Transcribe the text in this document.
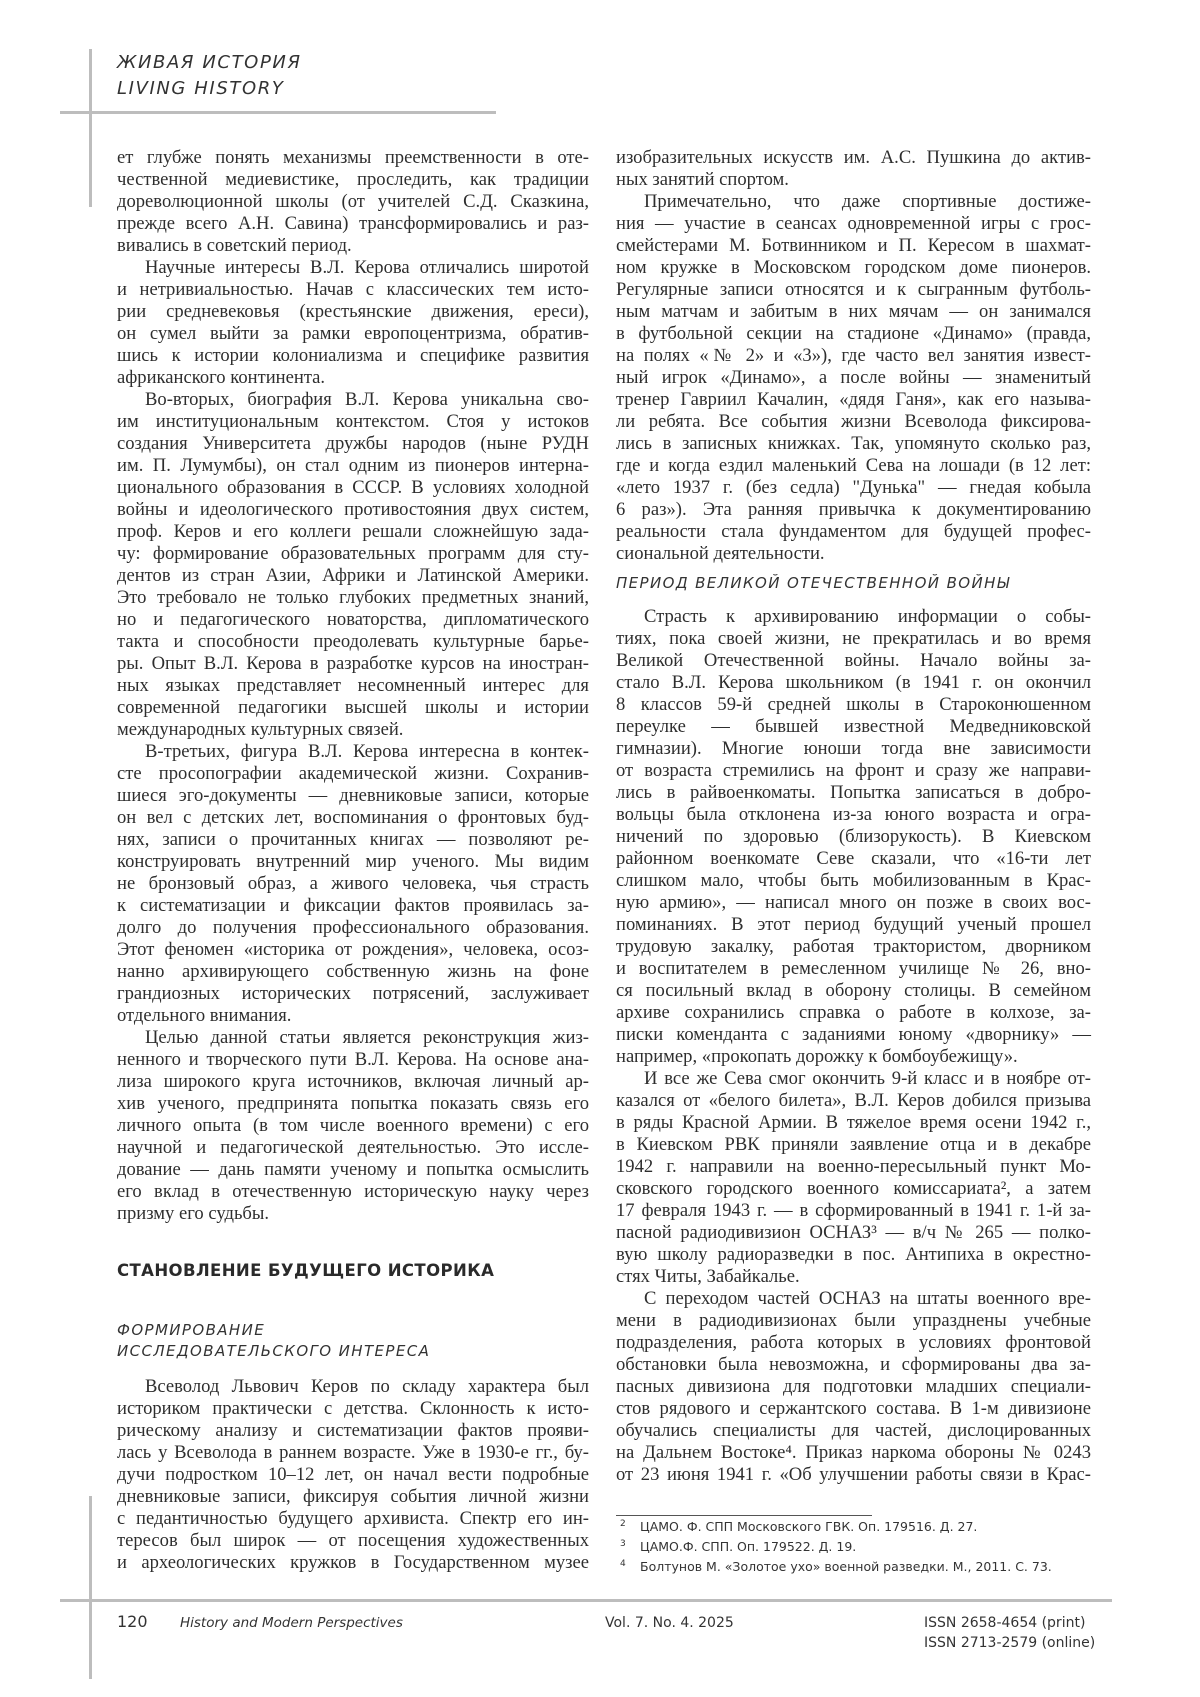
ЖИВАЯ ИСТОРИЯ
LIVING HISTORY
ет глубже понять механизмы преемственности в оте-
чественной медиевистике, проследить, как традиции
дореволюционной школы (от учителей С.Д. Сказкина,
прежде всего А.Н. Савина) трансформировались и раз-
вивались в советский период.
Научные интересы В.Л. Керова отличались широтой
и нетривиальностью. Начав с классических тем исто-
рии средневековья (крестьянские движения, ереси),
он сумел выйти за рамки европоцентризма, обратив-
шись к истории колониализма и специфике развития
африканского континента.
Во-вторых, биография В.Л. Керова уникальна сво-
им институциональным контекстом. Стоя у истоков
создания Университета дружбы народов (ныне РУДН
им. П. Лумумбы), он стал одним из пионеров интерна-
ционального образования в СССР. В условиях холодной
войны и идеологического противостояния двух систем,
проф. Керов и его коллеги решали сложнейшую зада-
чу: формирование образовательных программ для сту-
дентов из стран Азии, Африки и Латинской Америки.
Это требовало не только глубоких предметных знаний,
но и педагогического новаторства, дипломатического
такта и способности преодолевать культурные барье-
ры. Опыт В.Л. Керова в разработке курсов на иностран-
ных языках представляет несомненный интерес для
современной педагогики высшей школы и истории
международных культурных связей.
В-третьих, фигура В.Л. Керова интересна в контек-
сте просопографии академической жизни. Сохранив-
шиеся эго-документы — дневниковые записи, которые
он вел с детских лет, воспоминания о фронтовых буд-
нях, записи о прочитанных книгах — позволяют ре-
конструировать внутренний мир ученого. Мы видим
не бронзовый образ, а живого человека, чья страсть
к систематизации и фиксации фактов проявилась за-
долго до получения профессионального образования.
Этот феномен «историка от рождения», человека, осоз-
нанно архивирующего собственную жизнь на фоне
грандиозных исторических потрясений, заслуживает
отдельного внимания.
Целью данной статьи является реконструкция жиз-
ненного и творческого пути В.Л. Керова. На основе ана-
лиза широкого круга источников, включая личный ар-
хив ученого, предпринята попытка показать связь его
личного опыта (в том числе военного времени) с его
научной и педагогической деятельностью. Это иссле-
дование — дань памяти ученому и попытка осмыслить
его вклад в отечественную историческую науку через
призму его судьбы.
СТАНОВЛЕНИЕ БУДУЩЕГО ИСТОРИКА
ФОРМИРОВАНИЕ
ИССЛЕДОВАТЕЛЬСКОГО ИНТЕРЕСА
Всеволод Львович Керов по складу характера был
историком практически с детства. Склонность к исто-
рическому анализу и систематизации фактов прояви-
лась у Всеволода в раннем возрасте. Уже в 1930-е гг., бу-
дучи подростком 10–12 лет, он начал вести подробные
дневниковые записи, фиксируя события личной жизни
с педантичностью будущего архивиста. Спектр его ин-
тересов был широк — от посещения художественных
и археологических кружков в Государственном музее
изобразительных искусств им. А.С. Пушкина до актив-
ных занятий спортом.
Примечательно, что даже спортивные достиже-
ния — участие в сеансах одновременной игры с грос-
смейстерами М. Ботвинником и П. Кересом в шахмат-
ном кружке в Московском городском доме пионеров.
Регулярные записи относятся и к сыгранным футболь-
ным матчам и забитым в них мячам — он занимался
в футбольной секции на стадионе «Динамо» (правда,
на полях «№ 2» и «3»), где часто вел занятия извест-
ный игрок «Динамо», а после войны — знаменитый
тренер Гавриил Качалин, «дядя Ганя», как его называ-
ли ребята. Все события жизни Всеволода фиксирова-
лись в записных книжках. Так, упомянуто сколько раз,
где и когда ездил маленький Сева на лошади (в 12 лет:
«лето 1937 г. (без седла) "Дунька" — гнедая кобыла
6 раз»). Эта ранняя привычка к документированию
реальности стала фундаментом для будущей профес-
сиональной деятельности.
ПЕРИОД ВЕЛИКОЙ ОТЕЧЕСТВЕННОЙ ВОЙНЫ
Страсть к архивированию информации о собы-
тиях, пока своей жизни, не прекратилась и во время
Великой Отечественной войны. Начало войны за-
стало В.Л. Керова школьником (в 1941 г. он окончил
8 классов 59-й средней школы в Староконюшенном
переулке — бывшей известной Медведниковской
гимназии). Многие юноши тогда вне зависимости
от возраста стремились на фронт и сразу же направи-
лись в райвоенкоматы. Попытка записаться в добро-
вольцы была отклонена из-за юного возраста и огра-
ничений по здоровью (близорукость). В Киевском
районном военкомате Севе сказали, что «16-ти лет
слишком мало, чтобы быть мобилизованным в Крас-
ную армию», — написал много он позже в своих вос-
поминаниях. В этот период будущий ученый прошел
трудовую закалку, работая трактористом, дворником
и воспитателем в ремесленном училище № 26, вно-
ся посильный вклад в оборону столицы. В семейном
архиве сохранились справка о работе в колхозе, за-
писки коменданта с заданиями юному «дворнику» —
например, «прокопать дорожку к бомбоубежищу».
И все же Сева смог окончить 9-й класс и в ноябре от-
казался от «белого билета», В.Л. Керов добился призыва
в ряды Красной Армии. В тяжелое время осени 1942 г.,
в Киевском РВК приняли заявление отца и в декабре
1942 г. направили на военно-пересыльный пункт Мо-
сковского городского военного комиссариата², а затем
17 февраля 1943 г. — в сформированный в 1941 г. 1-й за-
пасной радиодивизион ОСНАЗ³ — в/ч № 265 — полко-
вую школу радиоразведки в пос. Антипиха в окрестно-
стях Читы, Забайкалье.
С переходом частей ОСНАЗ на штаты военного вре-
мени в радиодивизионах были упразднены учебные
подразделения, работа которых в условиях фронтовой
обстановки была невозможна, и сформированы два за-
пасных дивизиона для подготовки младших специали-
стов рядового и сержантского состава. В 1-м дивизионе
обучались специалисты для частей, дислоцированных
на Дальнем Востоке⁴. Приказ наркома обороны № 0243
от 23 июня 1941 г. «Об улучшении работы связи в Крас-
2 ЦАМО. Ф. СПП Московского ГВК. Оп. 179516. Д. 27.
3 ЦАМО.Ф. СПП. Оп. 179522. Д. 19.
4 Болтунов М. «Золотое ухо» военной разведки. М., 2011. С. 73.
120 History and Modern Perspectives	Vol. 7. No. 4. 2025	ISSN 2658-4654 (print)
ISSN 2713-2579 (online)
